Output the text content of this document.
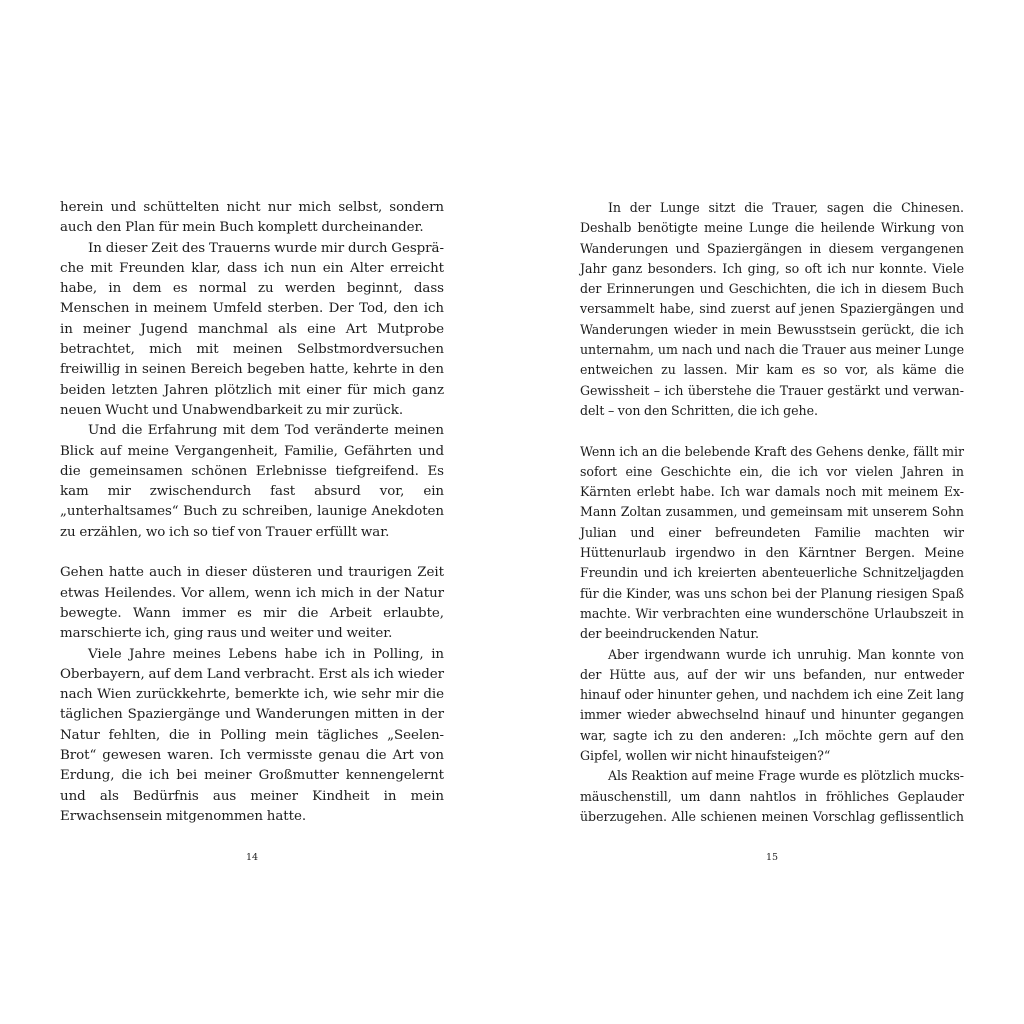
herein und schüttelten nicht nur mich selbst, sondern auch den Plan für mein Buch komplett durcheinander.

In dieser Zeit des Trauerns wurde mir durch Gespräche mit Freunden klar, dass ich nun ein Alter erreicht habe, in dem es normal zu werden beginnt, dass Menschen in meinem Umfeld sterben. Der Tod, den ich in meiner Jugend manchmal als eine Art Mutprobe betrachtet, mich mit meinen Selbstmordversuchen freiwillig in seinen Bereich begeben hatte, kehrte in den beiden letzten Jahren plötzlich mit einer für mich ganz neuen Wucht und Unabwendbarkeit zu mir zurück.

Und die Erfahrung mit dem Tod veränderte meinen Blick auf meine Vergangenheit, Familie, Gefährten und die gemeinsamen schönen Erlebnisse tiefgreifend. Es kam mir zwischendurch fast absurd vor, ein „unterhaltsames“ Buch zu schreiben, launige Anekdoten zu erzählen, wo ich so tief von Trauer erfüllt war.

Gehen hatte auch in dieser düsteren und traurigen Zeit etwas Heilendes. Vor allem, wenn ich mich in der Natur bewegte. Wann immer es mir die Arbeit erlaubte, marschierte ich, ging raus und weiter und weiter.

Viele Jahre meines Lebens habe ich in Polling, in Oberbayern, auf dem Land verbracht. Erst als ich wieder nach Wien zurückkehrte, bemerkte ich, wie sehr mir die täglichen Spaziergänge und Wanderungen mitten in der Natur fehlten, die in Polling mein tägliches „Seelen-Brot“ gewesen waren. Ich vermisste genau die Art von Erdung, die ich bei meiner Großmutter kennengelernt und als Bedürfnis aus meiner Kindheit in mein Erwachsensein mitgenommen hatte.

14

In der Lunge sitzt die Trauer, sagen die Chinesen. Deshalb benötigte meine Lunge die heilende Wirkung von Wanderungen und Spaziergängen in diesem vergangenen Jahr ganz besonders. Ich ging, so oft ich nur konnte. Viele der Erinnerungen und Geschichten, die ich in diesem Buch versammelt habe, sind zuerst auf jenen Spaziergängen und Wanderungen wieder in mein Bewusstsein gerückt, die ich unternahm, um nach und nach die Trauer aus meiner Lunge entweichen zu lassen. Mir kam es so vor, als käme die Gewissheit – ich überstehe die Trauer gestärkt und verwandelt – von den Schritten, die ich gehe.

Wenn ich an die belebende Kraft des Gehens denke, fällt mir sofort eine Geschichte ein, die ich vor vielen Jahren in Kärnten erlebt habe. Ich war damals noch mit meinem Ex-Mann Zoltan zusammen, und gemeinsam mit unserem Sohn Julian und einer befreundeten Familie machten wir Hüttenurlaub irgendwo in den Kärntner Bergen. Meine Freundin und ich kreierten abenteuerliche Schnitzeljagden für die Kinder, was uns schon bei der Planung riesigen Spaß machte. Wir verbrachten eine wunderschöne Urlaubszeit in der beeindruckenden Natur.

Aber irgendwann wurde ich unruhig. Man konnte von der Hütte aus, auf der wir uns befanden, nur entweder hinauf oder hinunter gehen, und nachdem ich eine Zeit lang immer wieder abwechselnd hinauf und hinunter gegangen war, sagte ich zu den anderen: „Ich möchte gern auf den Gipfel, wollen wir nicht hinaufsteigen?“

Als Reaktion auf meine Frage wurde es plötzlich mucksmäuschenstill, um dann nahtlos in fröhliches Geplauder überzugehen. Alle schienen meinen Vorschlag geflissentlich

15
